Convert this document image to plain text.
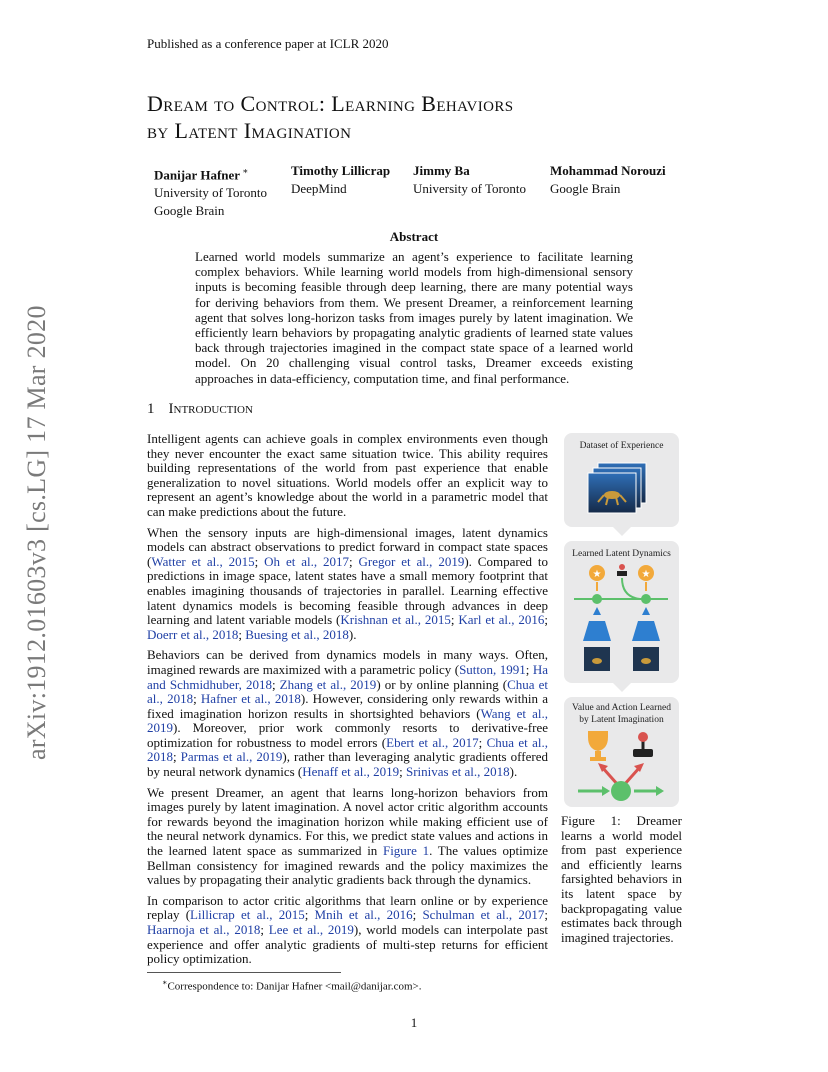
Published as a conference paper at ICLR 2020
Dream to Control: Learning Behaviors
by Latent Imagination
Danijar Hafner ∗
University of Toronto
Google Brain
Timothy Lillicrap
DeepMind
Jimmy Ba
University of Toronto
Mohammad Norouzi
Google Brain
Abstract
Learned world models summarize an agent’s experience to facilitate learning complex behaviors. While learning world models from high-dimensional sensory inputs is becoming feasible through deep learning, there are many potential ways for deriving behaviors from them. We present Dreamer, a reinforcement learning agent that solves long-horizon tasks from images purely by latent imagination. We efficiently learn behaviors by propagating analytic gradients of learned state values back through trajectories imagined in the compact state space of a learned world model. On 20 challenging visual control tasks, Dreamer exceeds existing approaches in data-efficiency, computation time, and final performance.
arXiv:1912.01603v3 [cs.LG] 17 Mar 2020	1 Introduction

Intelligent agents can achieve goals in complex environments even though they never encounter the exact same situation twice. This ability requires building representations of the world from past experience that enable generalization to novel situations. World models offer an explicit way to represent an agent’s knowledge about the world in a parametric model that can make predictions about the future.

When the sensory inputs are high-dimensional images, latent dynamics models can abstract observations to predict forward in compact state spaces (Watter et al., 2015; Oh et al., 2017; Gregor et al., 2019). Compared to predictions in image space, latent states have a small memory footprint that enables imagining thousands of trajectories in parallel. Learning effective latent dynamics models is becoming feasible through advances in deep learning and latent variable models (Krishnan et al., 2015; Karl et al., 2016; Doerr et al., 2018; Buesing et al., 2018).

Behaviors can be derived from dynamics models in many ways. Often, imagined rewards are maximized with a parametric policy (Sutton, 1991; Ha and Schmidhuber, 2018; Zhang et al., 2019) or by online planning (Chua et al., 2018; Hafner et al., 2018). However, considering only rewards within a fixed imagination horizon results in shortsighted behaviors (Wang et al., 2019). Moreover, prior work commonly resorts to derivative-free optimization for robustness to model errors (Ebert et al., 2017; Chua et al., 2018; Parmas et al., 2019), rather than leveraging analytic gradients offered by neural network dynamics (Henaff et al., 2019; Srinivas et al., 2018).

We present Dreamer, an agent that learns long-horizon behaviors from images purely by latent imagination. A novel actor critic algorithm accounts for rewards beyond the imagination horizon while making efficient use of the neural network dynamics. For this, we predict state values and actions in the learned latent space as summarized in Figure 1. The values optimize Bellman consistency for imagined rewards and the policy maximizes the values by propagating their analytic gradients back through the dynamics.

In comparison to actor critic algorithms that learn online or by experience replay (Lillicrap et al., 2015; Mnih et al., 2016; Schulman et al., 2017; Haarnoja et al., 2018; Lee et al., 2019), world models can interpolate past experience and offer analytic gradients of multi-step returns for efficient policy optimization.

Dataset of Experience
Learned Latent Dynamics
★	★
Value and Action Learned
by Latent Imagination
Figure 1: Dreamer learns a world model from past experience and efficiently learns farsighted behaviors in its latent space by backpropagating value estimates back through imagined trajectories.
∗Correspondence to: Danijar Hafner <mail@danijar.com>.
1
